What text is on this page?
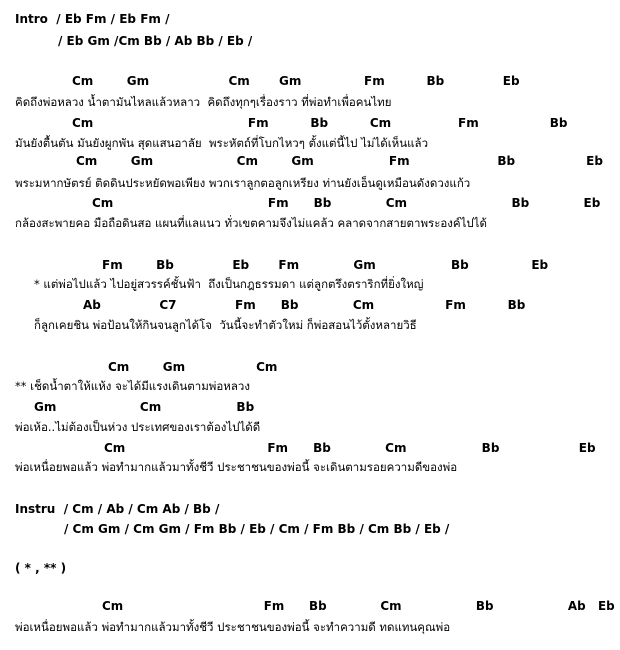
Intro  / Eb Fm / Eb Fm /
/ Eb Gm /Cm Bb / Ab Bb / Eb /
Cm        Gm                   Cm       Gm               Fm          Bb              Eb
คิดถึงพ่อหลวง น้ำตามันไหลแล้วหลาว  คิดถึงทุกๆเรื่องราว ที่พ่อทำเพื่อคนไทย
Cm                                     Fm          Bb          Cm                Fm                 Bb
มันยังตื้นตัน มันยังผูกพัน สุดแสนอาลัย  พระหัตถ์ที่โบกไหวๆ ตั้งแต่นี้ไป ไม่ได้เห็นแล้ว
Cm        Gm                    Cm        Gm                  Fm                     Bb                 Eb
พระมหากษัตรย์ ติดดินประหยัดพอเพียง พวกเราลูกตอลูกเหรียง ท่านยังเอ็นดูเหมือนดังดวงแก้ว
Cm                                     Fm      Bb             Cm                         Bb             Eb
กล้องสะพายคอ มือถือดินสอ แผนที่แลแนว ทั่วเขตคามจึงไม่แคล้ว คลาดจากสายตาพระองค์ไปได้
Fm        Bb              Eb       Fm             Gm                  Bb               Eb
* แต่พ่อไปแล้ว ไปอยู่สวรรค์ชั้นฟ้า  ถึงเป็นกฎธรรมดา แต่ลูกตรึงตราริกที่ยิ่งใหญ่
Ab              C7              Fm      Bb             Cm                 Fm          Bb
ก็ลูกเคยชิน พ่อป้อนให้กินจนลูกได้โจ  วันนี้จะทำตัวใหม่ ก็พ่อสอนไว้ตั้งหลายวิธี
Cm        Gm                 Cm
** เช็ดน้ำตาให้แห้ง จะได้มีแรงเดินตามพ่อหลวง
Gm                    Cm                  Bb
พ่อเห้อ..ไม่ต้องเป็นห่วง ประเทศของเราต้องไปได้ดี
Cm                                  Fm      Bb             Cm                  Bb                   Eb
พ่อเหนื่อยพอแล้ว พ่อทำมากแล้วมาทั้งชีวี ประชาชนของพ่อนี้ จะเดินตามรอยความดีของพ่อ
Instru  / Cm / Ab / Cm Ab / Bb /
/ Cm Gm / Cm Gm / Fm Bb / Eb / Cm / Fm Bb / Cm Bb / Eb /
( * , ** )
Cm                                  Fm      Bb             Cm                  Bb                  Ab   Eb
พ่อเหนื่อยพอแล้ว พ่อทำมากแล้วมาทั้งชีวี ประชาชนของพ่อนี้ จะทำความดี ทดแทนคุณพ่อ
